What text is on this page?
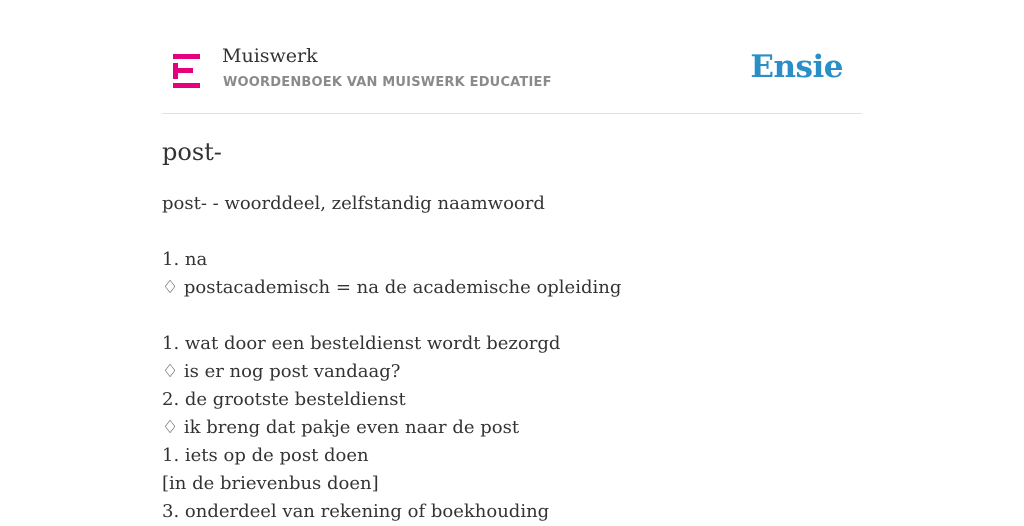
Muiswerk
WOORDENBOEK VAN MUISWERK EDUCATIEF	Ensie
post-
post- - woorddeel, zelfstandig naamwoord
1. na
♢ postacademisch = na de academische opleiding
1. wat door een besteldienst wordt bezorgd
♢ is er nog post vandaag?
2. de grootste besteldienst
♢ ik breng dat pakje even naar de post
1. iets op de post doen
[in de brievenbus doen]
3. onderdeel van rekening of boekhouding
